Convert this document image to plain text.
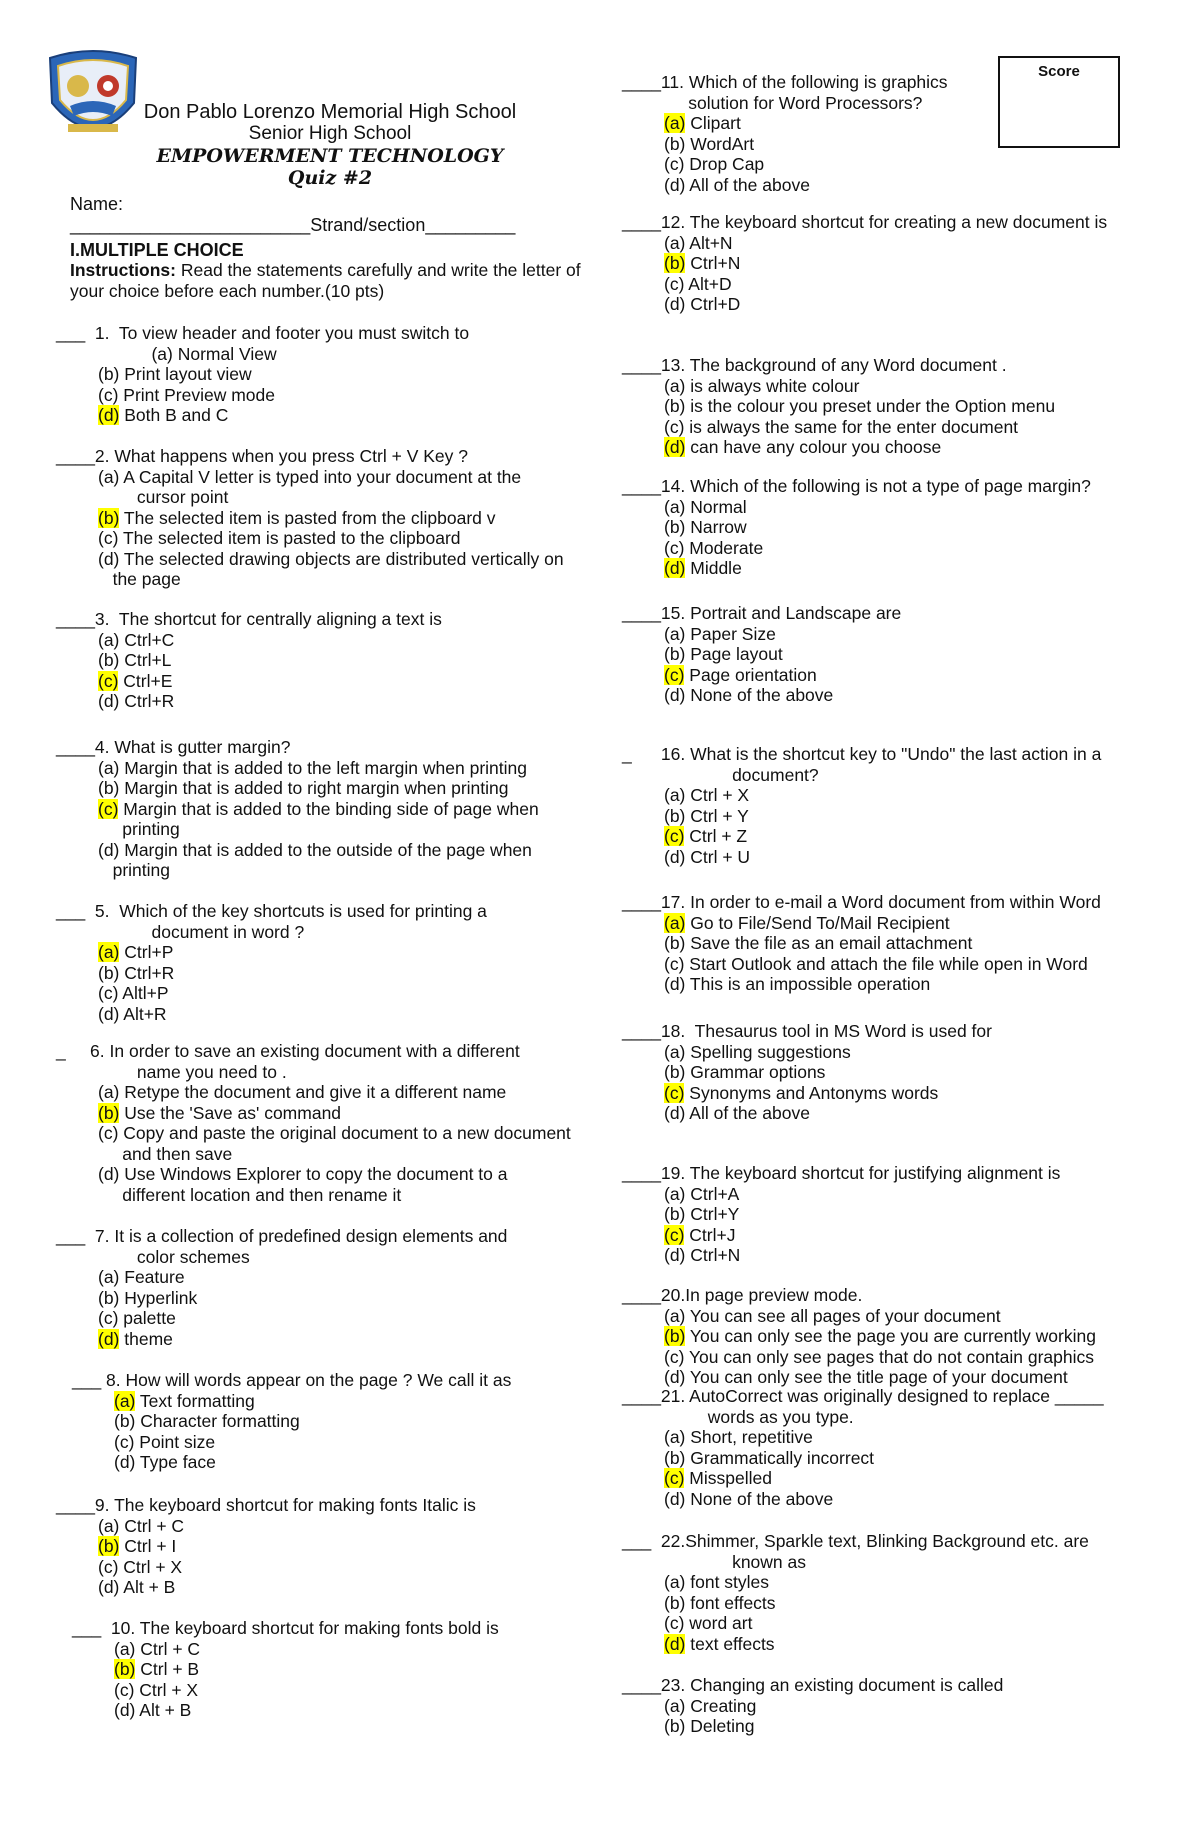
Don Pablo Lorenzo Memorial High School
Senior High School
EMPOWERMENT TECHNOLOGY
Quiz #2
Name:
________________________Strand/section_________
I.MULTIPLE CHOICE
Instructions: Read the statements carefully and write the letter of your choice before each number.(10 pts)
Score
___  1.  To view header and footer you must switch to
(a) Normal View
(b) Print layout view
(c) Print Preview mode
(d) Both B and C
____2. What happens when you press Ctrl + V Key ?
(a) A Capital V letter is typed into your document at the
cursor point
(b) The selected item is pasted from the clipboard v
(c) The selected item is pasted to the clipboard
(d) The selected drawing objects are distributed vertically on
the page
____3.  The shortcut for centrally aligning a text is
(a) Ctrl+C
(b) Ctrl+L
(c) Ctrl+E
(d) Ctrl+R
____4. What is gutter margin?
(a) Margin that is added to the left margin when printing
(b) Margin that is added to right margin when printing
(c) Margin that is added to the binding side of page when
printing
(d) Margin that is added to the outside of the page when
printing
___  5.  Which of the key shortcuts is used for printing a
document in word ?
(a) Ctrl+P
(b) Ctrl+R
(c) Altl+P
(d) Alt+R
_     6. In order to save an existing document with a different
name you need to .
(a) Retype the document and give it a different name
(b) Use the 'Save as' command
(c) Copy and paste the original document to a new document
and then save
(d) Use Windows Explorer to copy the document to a
different location and then rename it
___  7. It is a collection of predefined design elements and
color schemes
(a) Feature
(b) Hyperlink
(c) palette
(d) theme
___ 8. How will words appear on the page ? We call it as
(a) Text formatting
(b) Character formatting
(c) Point size
(d) Type face
____9. The keyboard shortcut for making fonts Italic is
(a) Ctrl + C
(b) Ctrl + I
(c) Ctrl + X
(d) Alt + B
___  10. The keyboard shortcut for making fonts bold is
(a) Ctrl + C
(b) Ctrl + B
(c) Ctrl + X
(d) Alt + B
____11. Which of the following is graphics
solution for Word Processors?
(a) Clipart
(b) WordArt
(c) Drop Cap
(d) All of the above
____12. The keyboard shortcut for creating a new document is
(a) Alt+N
(b) Ctrl+N
(c) Alt+D
(d) Ctrl+D
____13. The background of any Word document .
(a) is always white colour
(b) is the colour you preset under the Option menu
(c) is always the same for the enter document
(d) can have any colour you choose
____14. Which of the following is not a type of page margin?
(a) Normal
(b) Narrow
(c) Moderate
(d) Middle
____15. Portrait and Landscape are
(a) Paper Size
(b) Page layout
(c) Page orientation
(d) None of the above
_      16. What is the shortcut key to "Undo" the last action in a
document?
(a) Ctrl + X
(b) Ctrl + Y
(c) Ctrl + Z
(d) Ctrl + U
____17. In order to e-mail a Word document from within Word
(a) Go to File/Send To/Mail Recipient
(b) Save the file as an email attachment
(c) Start Outlook and attach the file while open in Word
(d) This is an impossible operation
____18.  Thesaurus tool in MS Word is used for
(a) Spelling suggestions
(b) Grammar options
(c) Synonyms and Antonyms words
(d) All of the above
____19. The keyboard shortcut for justifying alignment is
(a) Ctrl+A
(b) Ctrl+Y
(c) Ctrl+J
(d) Ctrl+N
____20.In page preview mode.
(a) You can see all pages of your document
(b) You can only see the page you are currently working
(c) You can only see pages that do not contain graphics
(d) You can only see the title page of your document
____21. AutoCorrect was originally designed to replace _____
words as you type.
(a) Short, repetitive
(b) Grammatically incorrect
(c) Misspelled
(d) None of the above
___  22.Shimmer, Sparkle text, Blinking Background etc. are
known as
(a) font styles
(b) font effects
(c) word art
(d) text effects
____23. Changing an existing document is called
(a) Creating
(b) Deleting
